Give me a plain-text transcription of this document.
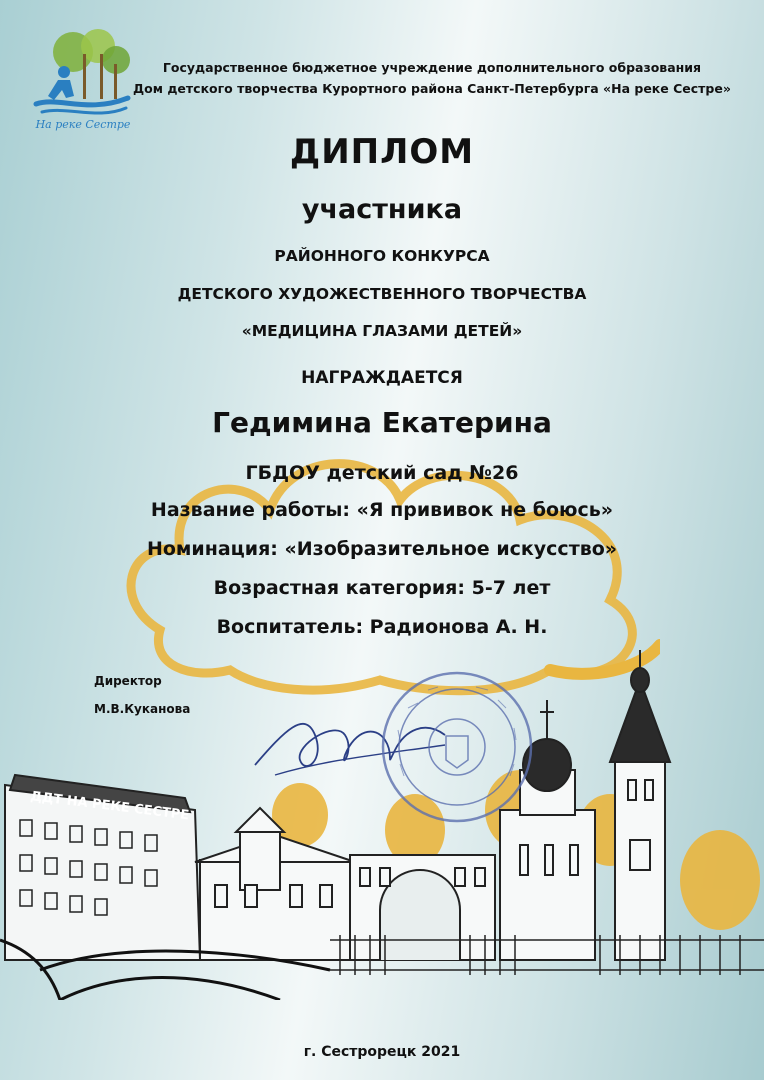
На реке Сестре
Государственное бюджетное учреждение дополнительного образования
Дом детского творчества Курортного района Санкт-Петербурга «На реке Сестре»
ДИПЛОМ
участника
РАЙОННОГО КОНКУРСА
ДЕТСКОГО ХУДОЖЕСТВЕННОГО ТВОРЧЕСТВА
«МЕДИЦИНА ГЛАЗАМИ ДЕТЕЙ»
НАГРАЖДАЕТСЯ
Гедимина Екатерина
ГБДОУ детский сад №26
Название работы: «Я прививок не боюсь»
Номинация: «Изобразительное искусство»
Возрастная категория: 5-7 лет
Воспитатель: Радионова А. Н.
Директор
М.В.Куканова
ДДТ НА РЕКЕ СЕСТРЕ
г. Сестрорецк 2021
